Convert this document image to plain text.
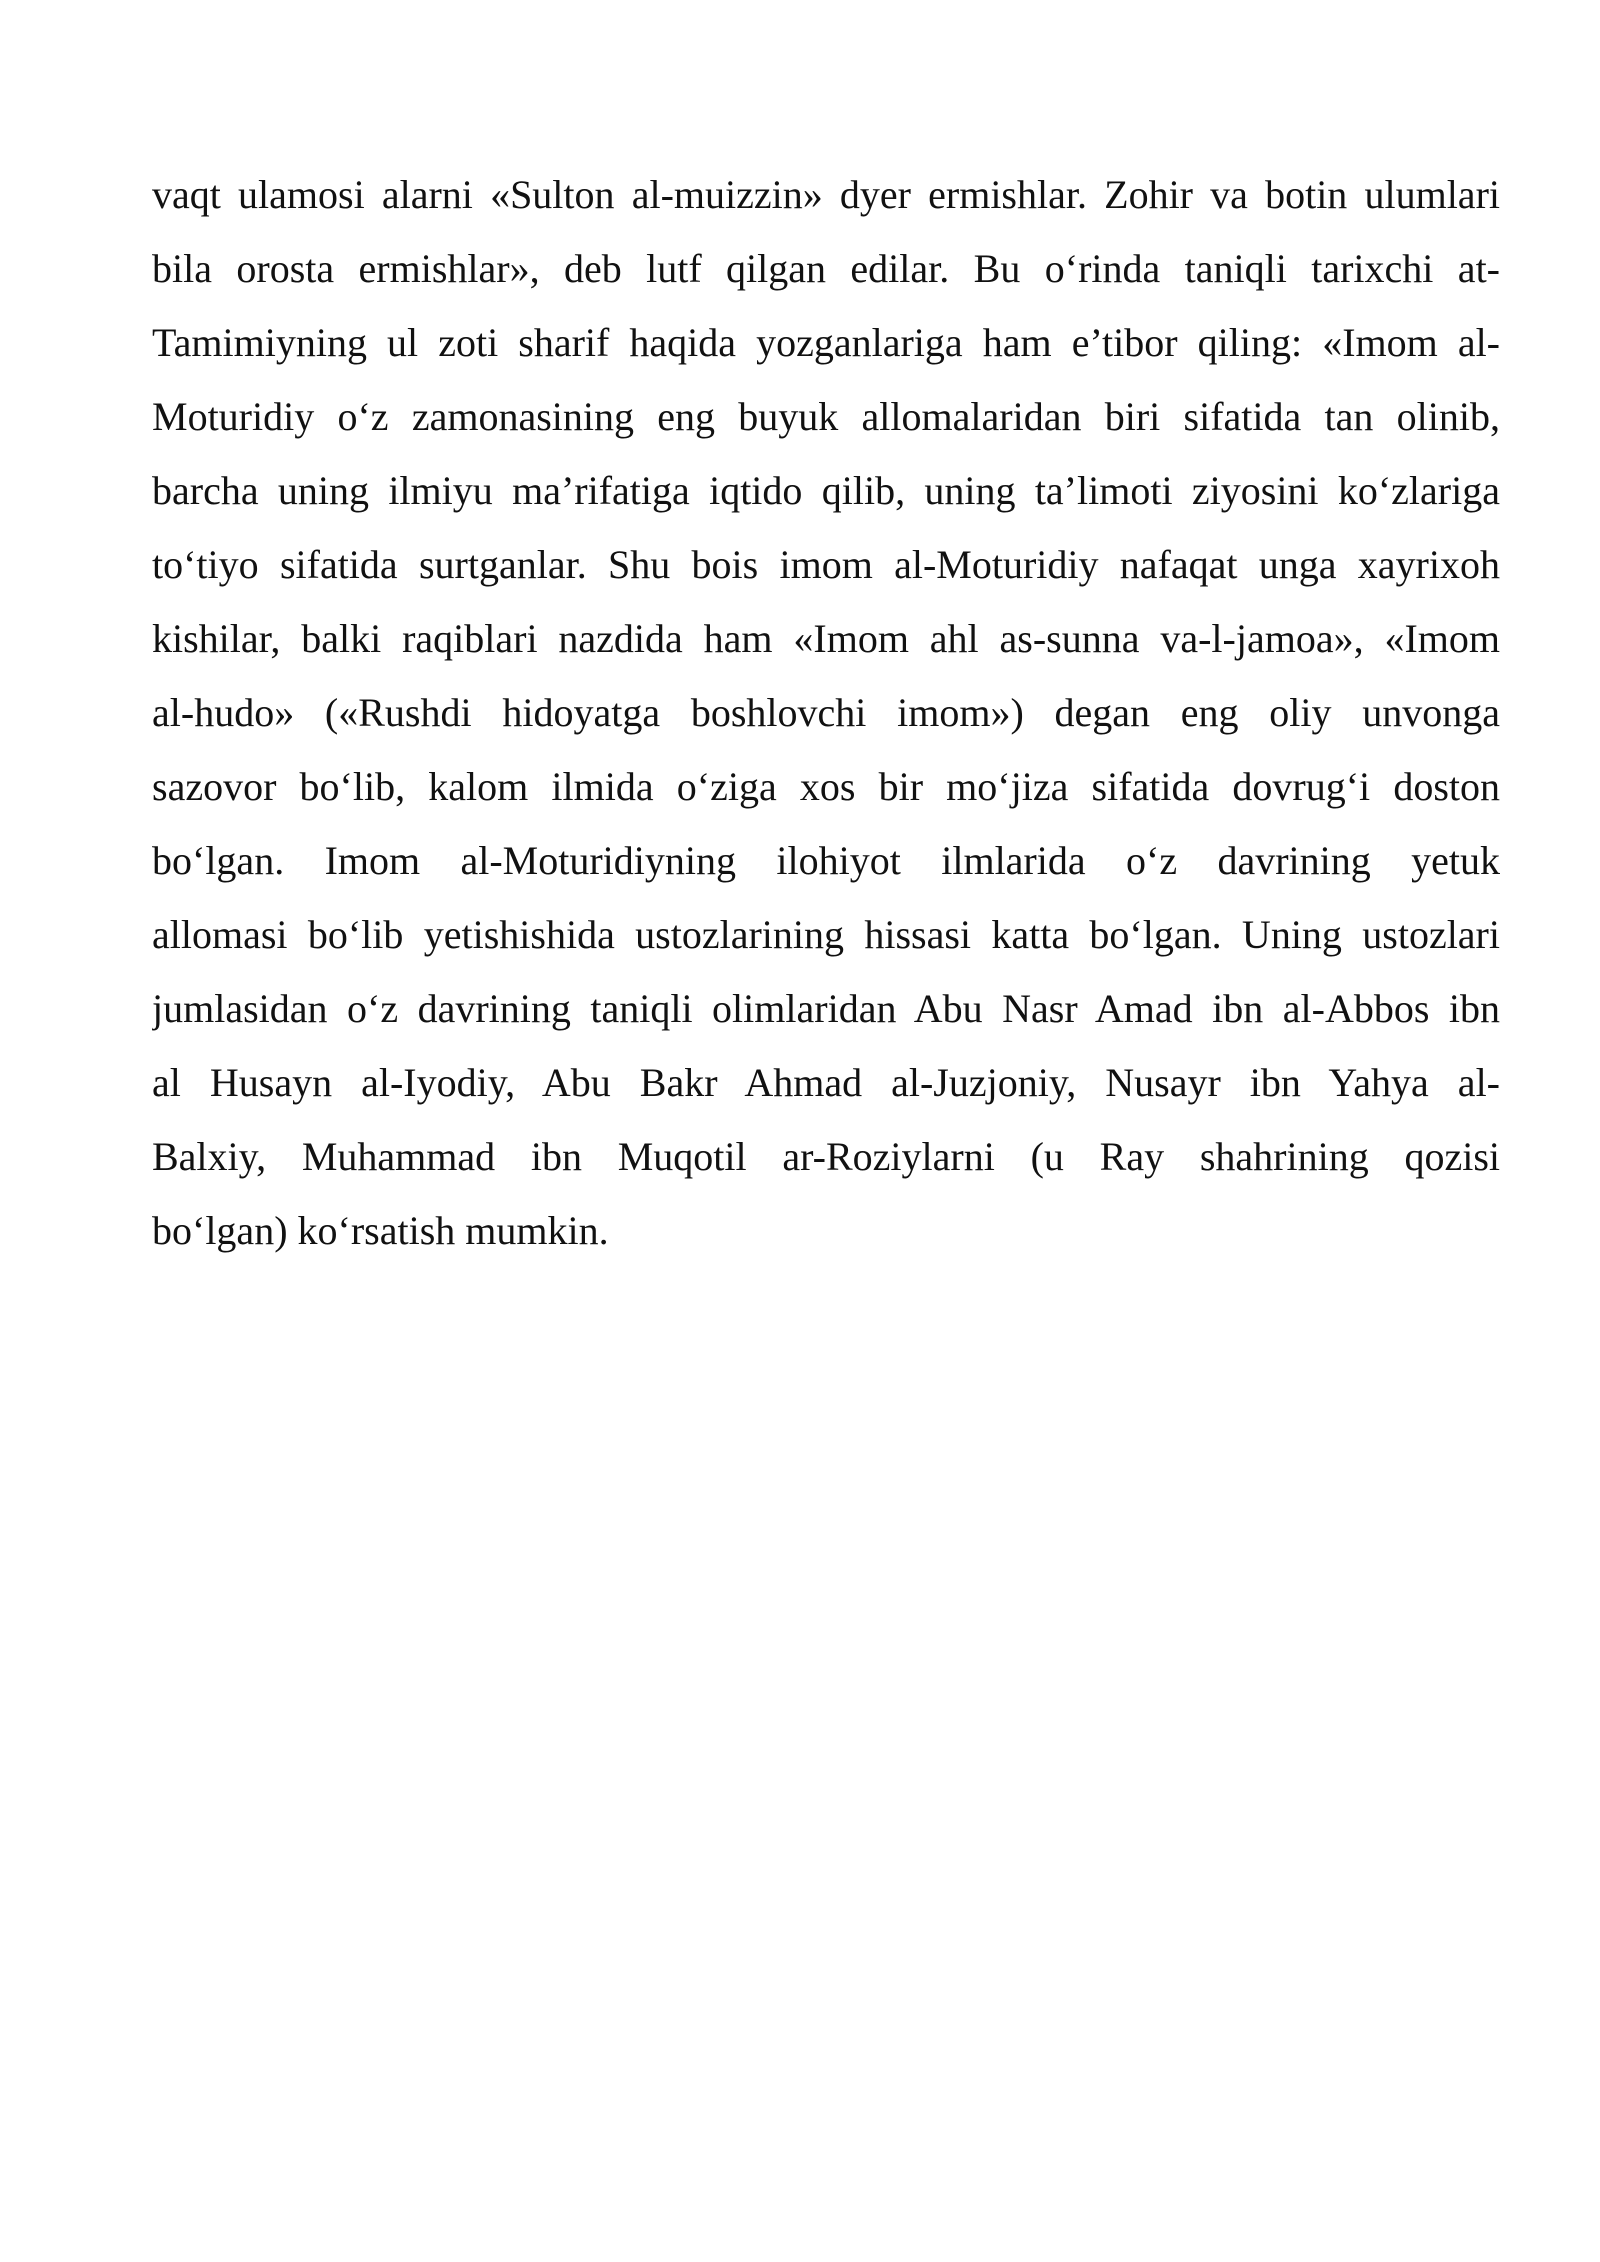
vaqt ulamosi alarni «Sulton al-muizzin» dyer ermishlar. Zohir va botin ulumlari
bila orosta ermishlar», deb lutf qilgan edilar. Bu o‘rinda taniqli tarixchi at-
Tamimiyning ul zoti sharif haqida yozganlariga ham e’tibor qiling: «Imom al-
Moturidiy o‘z zamonasining eng buyuk allomalaridan biri sifatida tan olinib,
barcha uning ilmiyu ma’rifatiga iqtido qilib, uning ta’limoti ziyosini ko‘zlariga
to‘tiyo sifatida surtganlar. Shu bois imom al-Moturidiy nafaqat unga xayrixoh
kishilar, balki raqiblari nazdida ham «Imom ahl as-sunna va-l-jamoa», «Imom
al-hudo» («Rushdi hidoyatga boshlovchi imom») degan eng oliy unvonga
sazovor bo‘lib, kalom ilmida o‘ziga xos bir mo‘jiza sifatida dovrug‘i doston
bo‘lgan. Imom al-Moturidiyning ilohiyot ilmlarida o‘z davrining yetuk
allomasi bo‘lib yetishishida ustozlarining hissasi katta bo‘lgan. Uning ustozlari
jumlasidan o‘z davrining taniqli olimlaridan Abu Nasr Amad ibn al-Abbos ibn
al Husayn al-Iyodiy, Abu Bakr Ahmad al-Juzjoniy, Nusayr ibn Yahya al-
Balxiy, Muhammad ibn Muqotil ar-Roziylarni (u Ray shahrining qozisi
bo‘lgan) ko‘rsatish mumkin.
